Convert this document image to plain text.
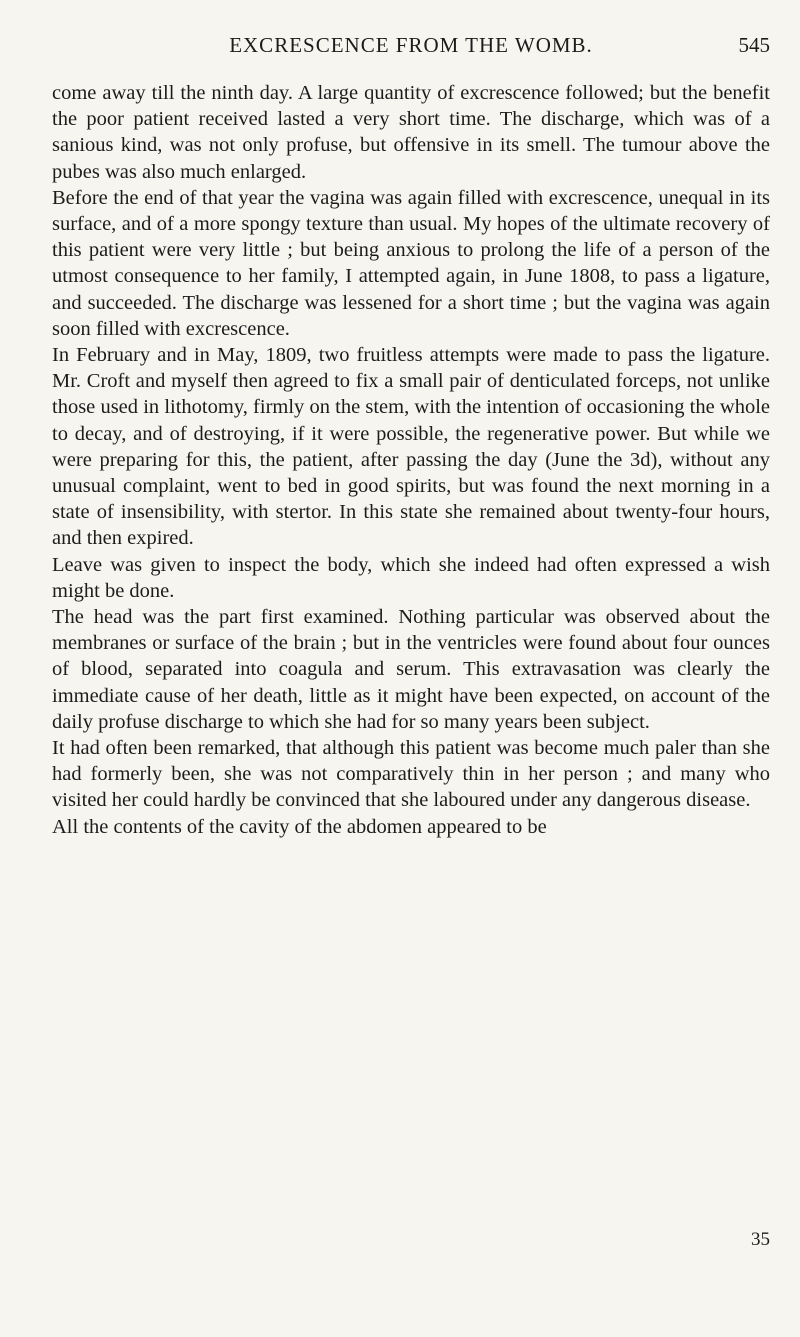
EXCRESCENCE FROM THE WOMB.	545

come away till the ninth day. A large quantity of excrescence followed; but the benefit the poor patient received lasted a very short time. The discharge, which was of a sanious kind, was not only profuse, but offensive in its smell. The tumour above the pubes was also much enlarged.

Before the end of that year the vagina was again filled with excrescence, unequal in its surface, and of a more spongy texture than usual. My hopes of the ultimate recovery of this patient were very little ; but being anxious to prolong the life of a person of the utmost consequence to her family, I attempted again, in June 1808, to pass a ligature, and succeeded. The discharge was lessened for a short time ; but the vagina was again soon filled with excrescence.

In February and in May, 1809, two fruitless attempts were made to pass the ligature. Mr. Croft and myself then agreed to fix a small pair of denticulated forceps, not unlike those used in lithotomy, firmly on the stem, with the intention of occasioning the whole to decay, and of destroying, if it were possible, the regenerative power. But while we were preparing for this, the patient, after passing the day (June the 3d), without any unusual complaint, went to bed in good spirits, but was found the next morning in a state of insensibility, with stertor. In this state she remained about twenty-four hours, and then expired.

Leave was given to inspect the body, which she indeed had often expressed a wish might be done.

The head was the part first examined. Nothing particular was observed about the membranes or surface of the brain ; but in the ventricles were found about four ounces of blood, separated into coagula and serum. This extravasation was clearly the immediate cause of her death, little as it might have been expected, on account of the daily profuse discharge to which she had for so many years been subject.

It had often been remarked, that although this patient was become much paler than she had formerly been, she was not comparatively thin in her person ; and many who visited her could hardly be convinced that she laboured under any dangerous disease.

All the contents of the cavity of the abdomen appeared to be

35
